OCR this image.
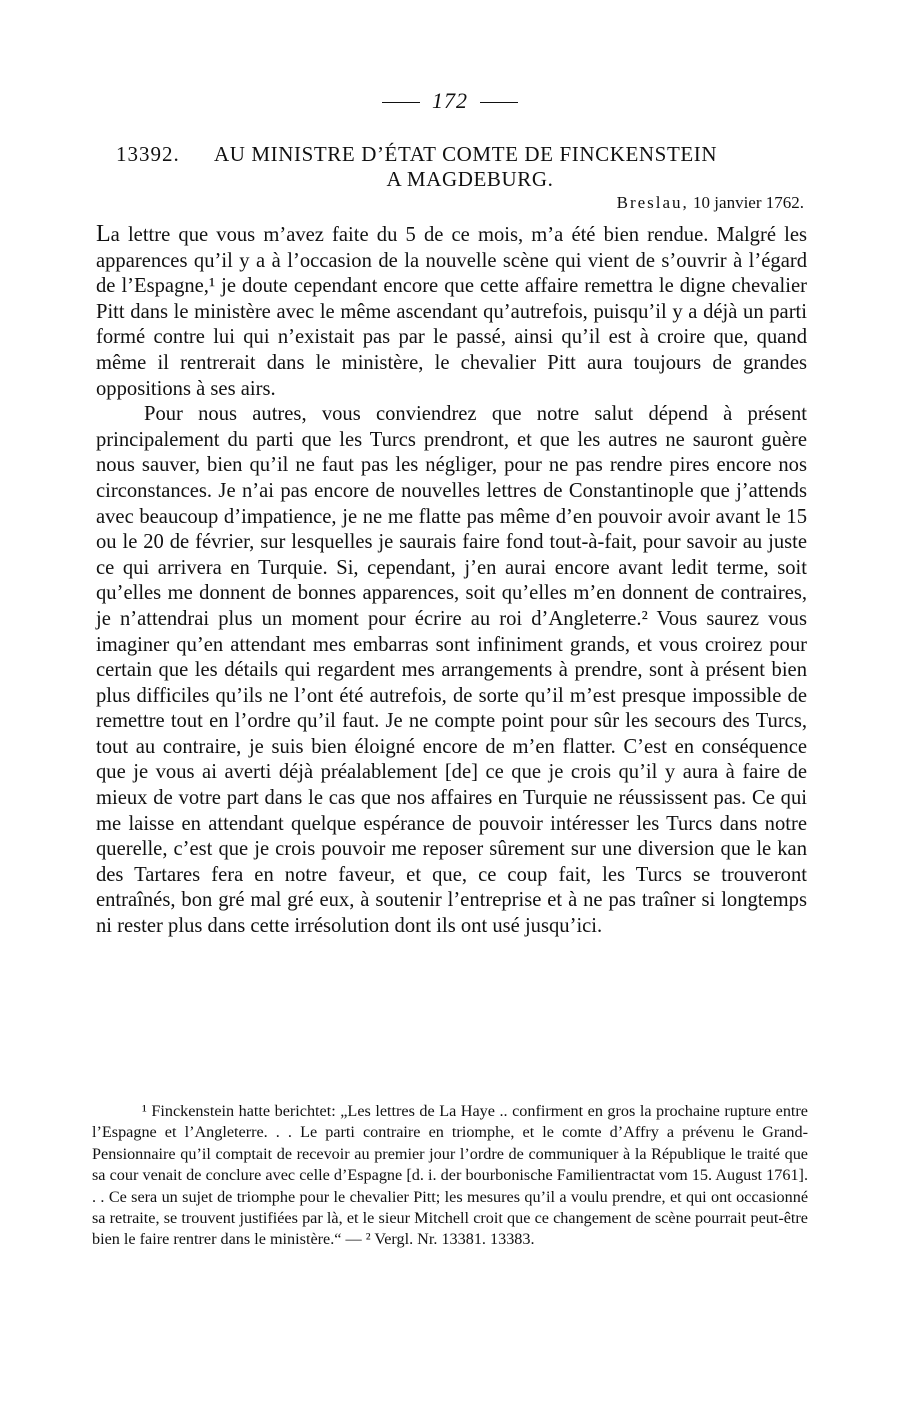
172
13392. AU MINISTRE D’ÉTAT COMTE DE FINCKENSTEIN
A MAGDEBURG.
Breslau, 10 janvier 1762.

La lettre que vous m’avez faite du 5 de ce mois, m’a été bien rendue. Malgré les apparences qu’il y a à l’occasion de la nouvelle scène qui vient de s’ouvrir à l’égard de l’Espagne,¹ je doute cependant encore que cette affaire remettra le digne chevalier Pitt dans le ministère avec le même ascendant qu’autrefois, puisqu’il y a déjà un parti formé contre lui qui n’existait pas par le passé, ainsi qu’il est à croire que, quand même il rentrerait dans le ministère, le chevalier Pitt aura toujours de grandes oppositions à ses airs.

Pour nous autres, vous conviendrez que notre salut dépend à présent principalement du parti que les Turcs prendront, et que les autres ne sauront guère nous sauver, bien qu’il ne faut pas les négliger, pour ne pas rendre pires encore nos circonstances. Je n’ai pas encore de nouvelles lettres de Constantinople que j’attends avec beaucoup d’impatience, je ne me flatte pas même d’en pouvoir avoir avant le 15 ou le 20 de février, sur lesquelles je saurais faire fond tout-à-fait, pour savoir au juste ce qui arrivera en Turquie. Si, cependant, j’en aurai encore avant ledit terme, soit qu’elles me donnent de bonnes apparences, soit qu’elles m’en donnent de contraires, je n’attendrai plus un moment pour écrire au roi d’Angleterre.² Vous saurez vous imaginer qu’en attendant mes embarras sont infiniment grands, et vous croirez pour certain que les détails qui regardent mes arrangements à prendre, sont à présent bien plus difficiles qu’ils ne l’ont été autrefois, de sorte qu’il m’est presque impossible de remettre tout en l’ordre qu’il faut. Je ne compte point pour sûr les secours des Turcs, tout au contraire, je suis bien éloigné encore de m’en flatter. C’est en conséquence que je vous ai averti déjà préalablement [de] ce que je crois qu’il y aura à faire de mieux de votre part dans le cas que nos affaires en Turquie ne réussissent pas. Ce qui me laisse en attendant quelque espérance de pouvoir intéresser les Turcs dans notre querelle, c’est que je crois pouvoir me reposer sûrement sur une diversion que le kan des Tartares fera en notre faveur, et que, ce coup fait, les Turcs se trouveront entraînés, bon gré mal gré eux, à soutenir l’entreprise et à ne pas traîner si longtemps ni rester plus dans cette irrésolution dont ils ont usé jusqu’ici.

¹ Finckenstein hatte berichtet: „Les lettres de La Haye .. confirment en gros la prochaine rupture entre l’Espagne et l’Angleterre. . . Le parti contraire en triomphe, et le comte d’Affry a prévenu le Grand-Pensionnaire qu’il comptait de recevoir au premier jour l’ordre de communiquer à la République le traité que sa cour venait de conclure avec celle d’Espagne [d. i. der bourbonische Familientractat vom 15. August 1761]. . . Ce sera un sujet de triomphe pour le chevalier Pitt; les mesures qu’il a voulu prendre, et qui ont occasionné sa retraite, se trouvent justifiées par là, et le sieur Mitchell croit que ce changement de scène pourrait peut-être bien le faire rentrer dans le ministère.“ — ² Vergl. Nr. 13381. 13383.
